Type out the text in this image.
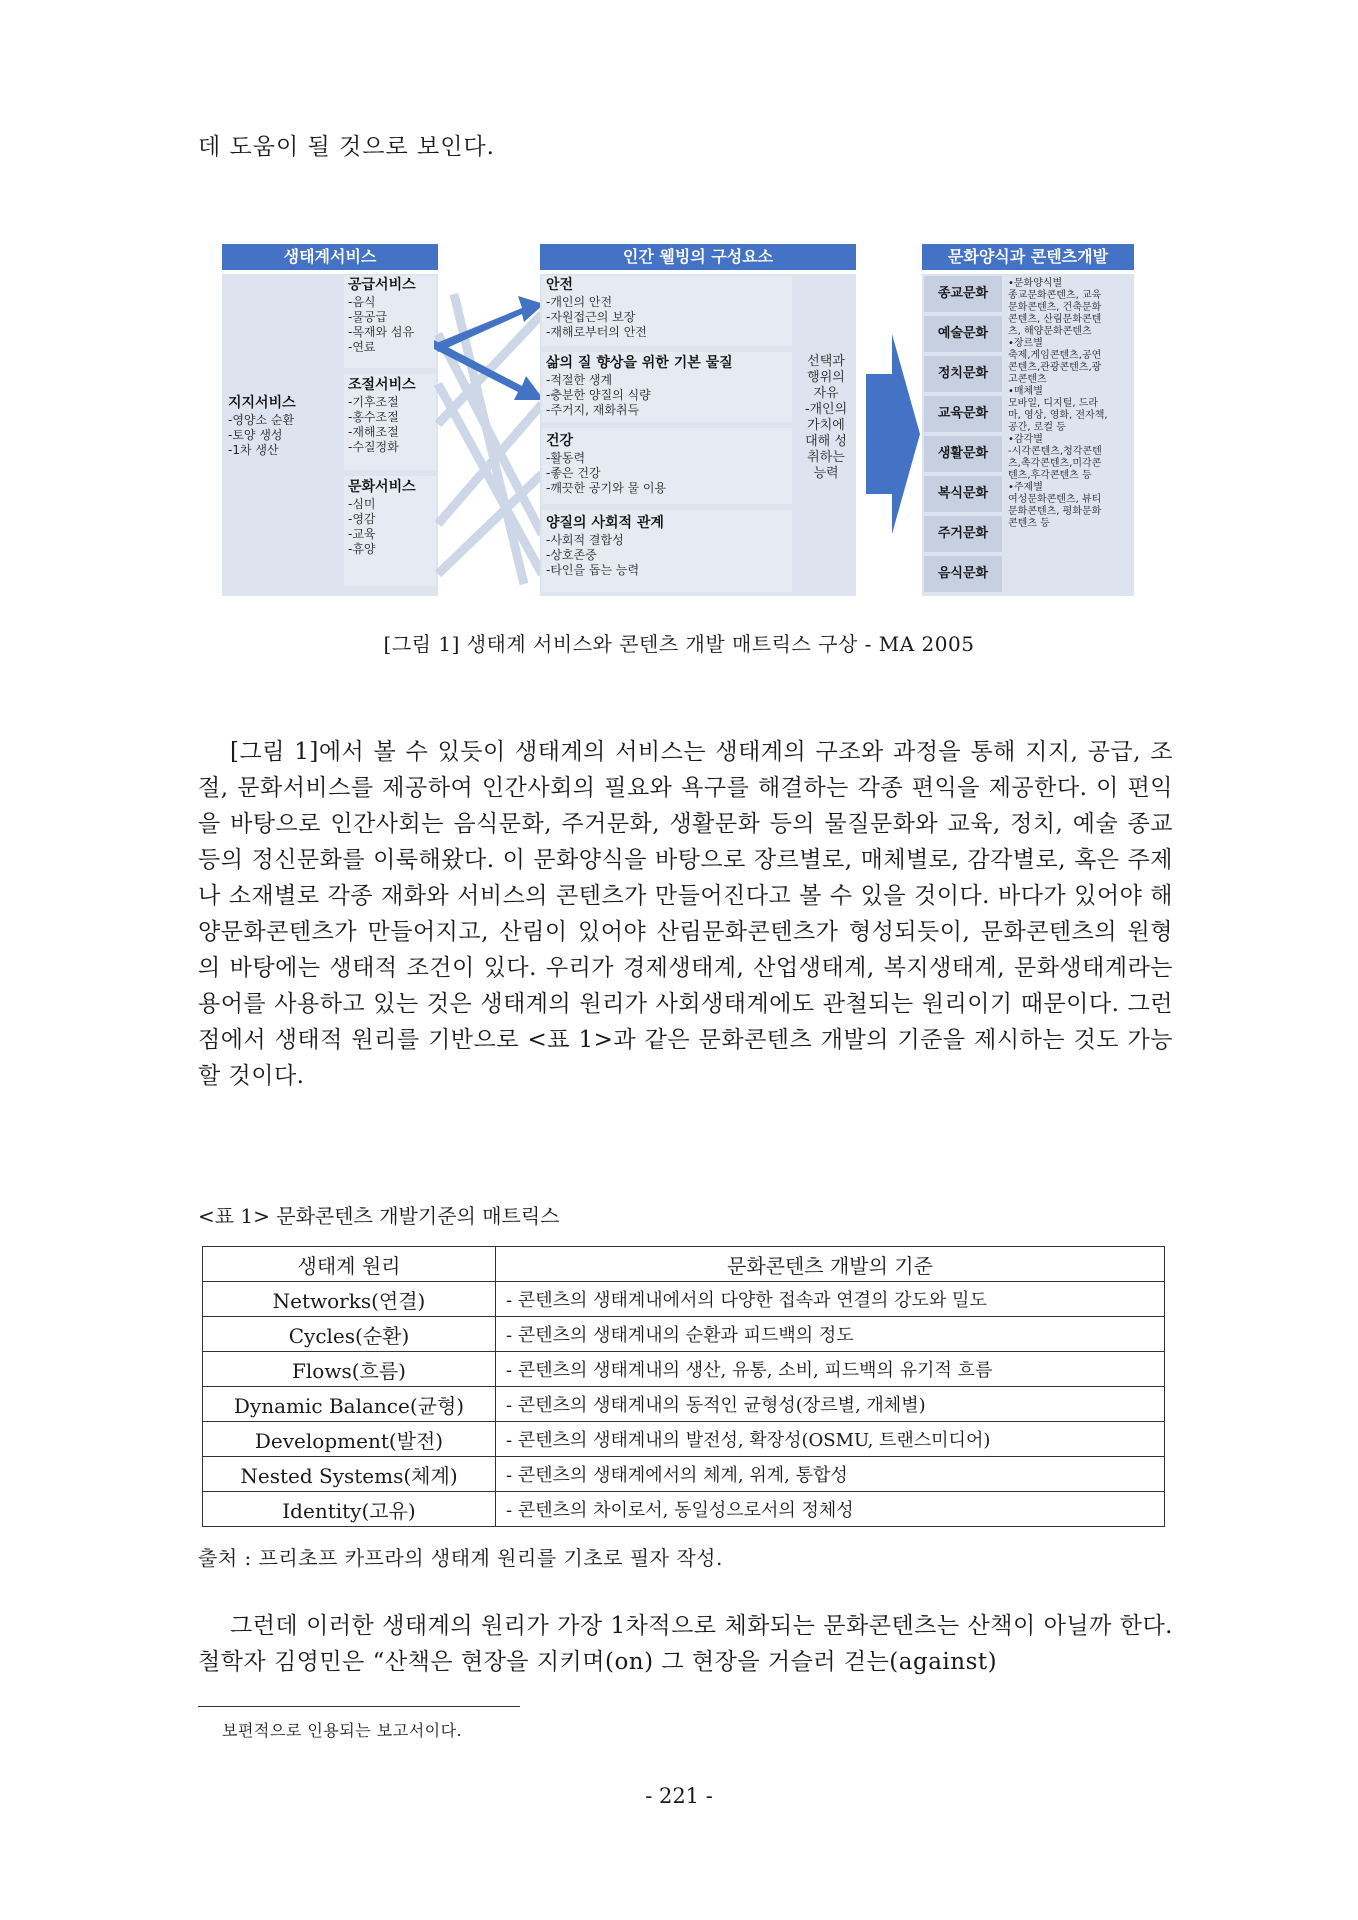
데 도움이 될 것으로 보인다.
생태계서비스	인간 웰빙의 구성요소	문화양식과 콘텐츠개발
지지서비스
-영양소 순환
-토양 생성
-1차 생산
공급서비스
-음식
-물공급
-목재와 섬유
-연료
조절서비스
-기후조절
-홍수조절
-재해조절
-수질정화
문화서비스
-심미
-영감
-교육
-휴양
안전
-개인의 안전
-자원접근의 보장
-재해로부터의 안전
삶의 질 향상을 위한 기본 물질
-적절한 생계
-충분한 양질의 식량
-주거지, 재화취득
건강
-활동력
-좋은 건강
-깨끗한 공기와 물 이용
양질의 사회적 관계
-사회적 결합성
-상호존중
-타인을 돕는 능력
선택과
행위의
자유
-개인의
가치에
대해 성
취하는
능력
종교문화
예술문화
정치문화
교육문화
생활문화
복식문화
주거문화
음식문화
•문화양식별
종교문화콘텐츠, 교육
문화콘텐츠, 건축문화
콘텐츠, 산림문화콘텐
츠, 해양문화콘텐츠
•장르별
축제,게임콘텐츠,공연
콘텐츠,관광콘텐츠,광
고콘텐츠
•매체별
모바일, 디지털, 드라
마, 영상, 영화, 전자책,
공간, 로컬 등
•감각별
-시각콘텐츠,청각콘텐
츠,촉각콘텐츠,미각콘
텐츠,후각콘텐츠 등
•주제별
여성문화콘텐츠, 뷰티
문화콘텐츠, 평화문화
콘텐츠 등
[그림 1] 생태계 서비스와 콘텐츠 개발 매트릭스 구상 - MA 2005
[그림 1]에서 볼 수 있듯이 생태계의 서비스는 생태계의 구조와 과정을 통해 지지, 공급, 조절, 문화서비스를 제공하여 인간사회의 필요와 욕구를 해결하는 각종 편익을 제공한다. 이 편익을 바탕으로 인간사회는 음식문화, 주거문화, 생활문화 등의 물질문화와 교육, 정치, 예술 종교 등의 정신문화를 이룩해왔다. 이 문화양식을 바탕으로 장르별로, 매체별로, 감각별로, 혹은 주제나 소재별로 각종 재화와 서비스의 콘텐츠가 만들어진다고 볼 수 있을 것이다. 바다가 있어야 해양문화콘텐츠가 만들어지고, 산림이 있어야 산림문화콘텐츠가 형성되듯이, 문화콘텐츠의 원형의 바탕에는 생태적 조건이 있다. 우리가 경제생태계, 산업생태계, 복지생태계, 문화생태계라는 용어를 사용하고 있는 것은 생태계의 원리가 사회생태계에도 관철되는 원리이기 때문이다. 그런 점에서 생태적 원리를 기반으로 <표 1>과 같은 문화콘텐츠 개발의 기준을 제시하는 것도 가능할 것이다.
<표 1> 문화콘텐츠 개발기준의 매트릭스
생태계 원리	문화콘텐츠 개발의 기준
Networks(연결)	- 콘텐츠의 생태계내에서의 다양한 접속과 연결의 강도와 밀도
Cycles(순환)	- 콘텐츠의 생태계내의 순환과 피드백의 정도
Flows(흐름)	- 콘텐츠의 생태계내의 생산, 유통, 소비, 피드백의 유기적 흐름
Dynamic Balance(균형)	- 콘텐츠의 생태계내의 동적인 균형성(장르별, 개체별)
Development(발전)	- 콘텐츠의 생태계내의 발전성, 확장성(OSMU, 트랜스미디어)
Nested Systems(체계)	- 콘텐츠의 생태계에서의 체계, 위계, 통합성
Identity(고유)	- 콘텐츠의 차이로서, 동일성으로서의 정체성
출처 : 프리초프 카프라의 생태계 원리를 기초로 필자 작성.
그런데 이러한 생태계의 원리가 가장 1차적으로 체화되는 문화콘텐츠는 산책이 아닐까 한다. 철학자 김영민은 “산책은 현장을 지키며(on) 그 현장을 거슬러 걷는(against)
보편적으로 인용되는 보고서이다.
- 221 -
